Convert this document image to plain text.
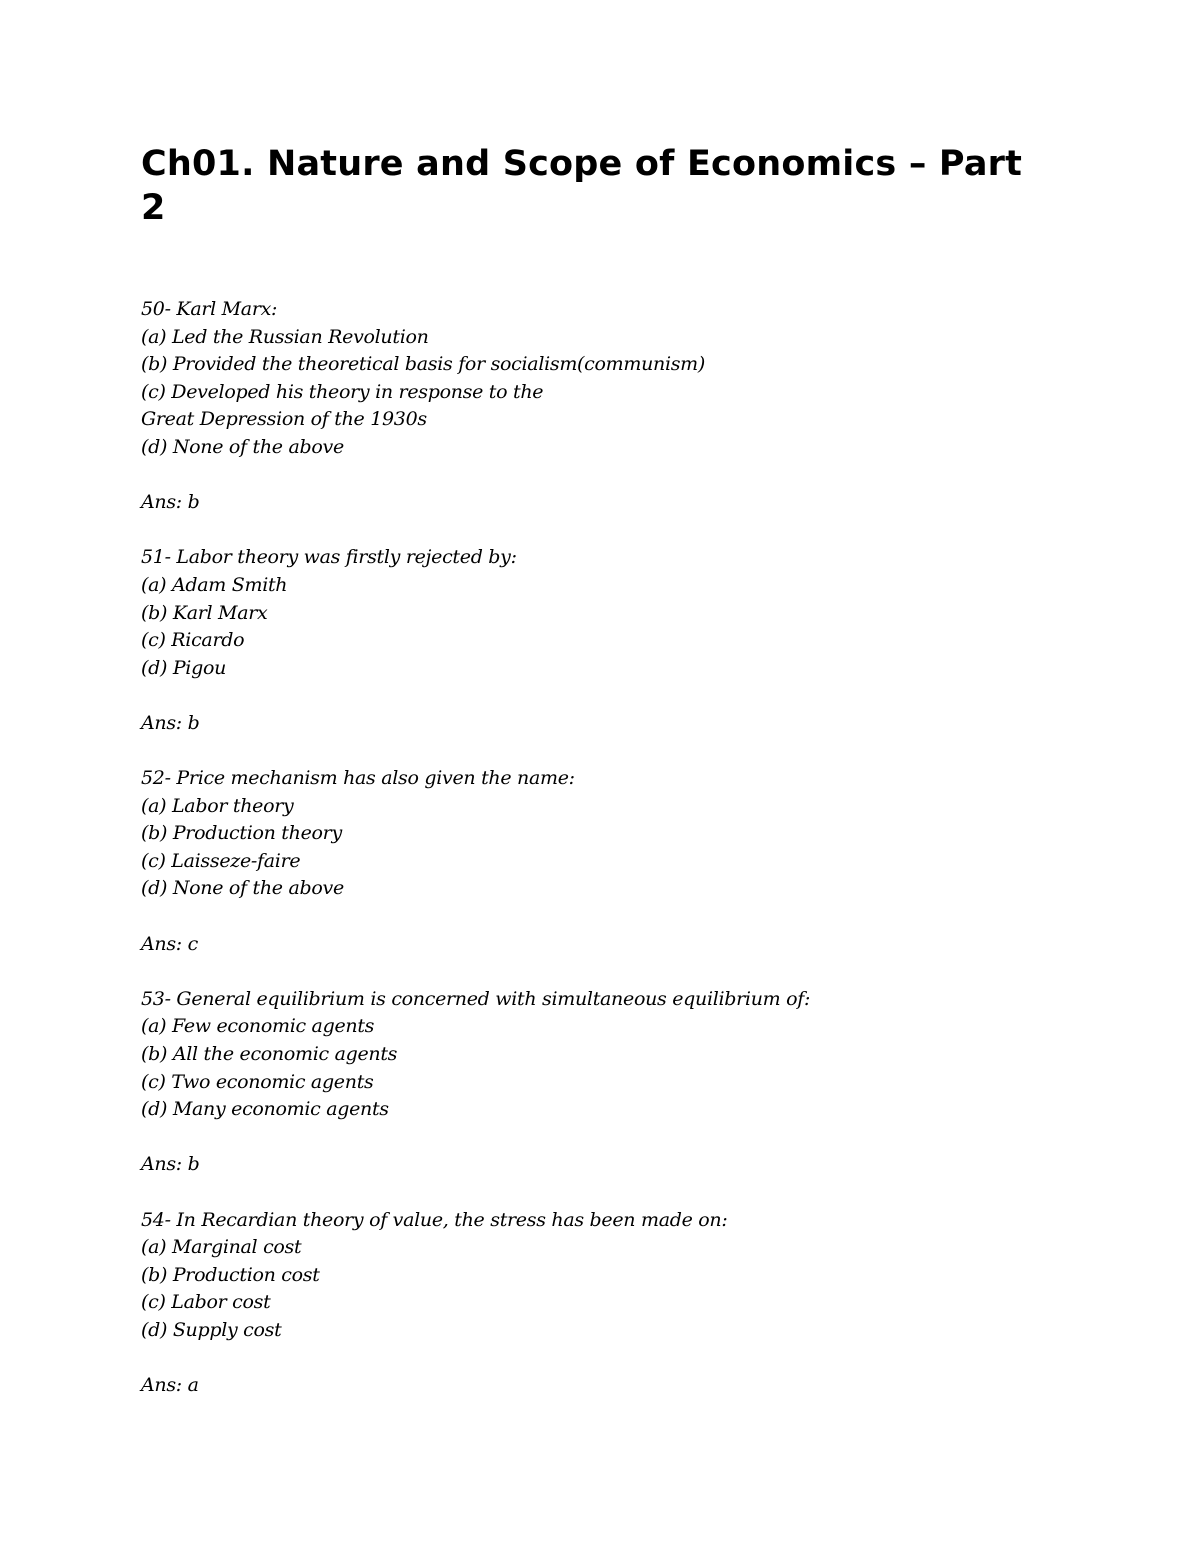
Ch01. Nature and Scope of Economics – Part 2
50- Karl Marx:
(a) Led the Russian Revolution
(b) Provided the theoretical basis for socialism(communism)
(c) Developed his theory in response to the
Great Depression of the 1930s
(d) None of the above
Ans: b
51- Labor theory was firstly rejected by:
(a) Adam Smith
(b) Karl Marx
(c) Ricardo
(d) Pigou
Ans: b
52- Price mechanism has also given the name:
(a) Labor theory
(b) Production theory
(c) Laisseze-faire
(d) None of the above
Ans: c
53- General equilibrium is concerned with simultaneous equilibrium of:
(a) Few economic agents
(b) All the economic agents
(c) Two economic agents
(d) Many economic agents
Ans: b
54- In Recardian theory of value, the stress has been made on:
(a) Marginal cost
(b) Production cost
(c) Labor cost
(d) Supply cost
Ans: a
